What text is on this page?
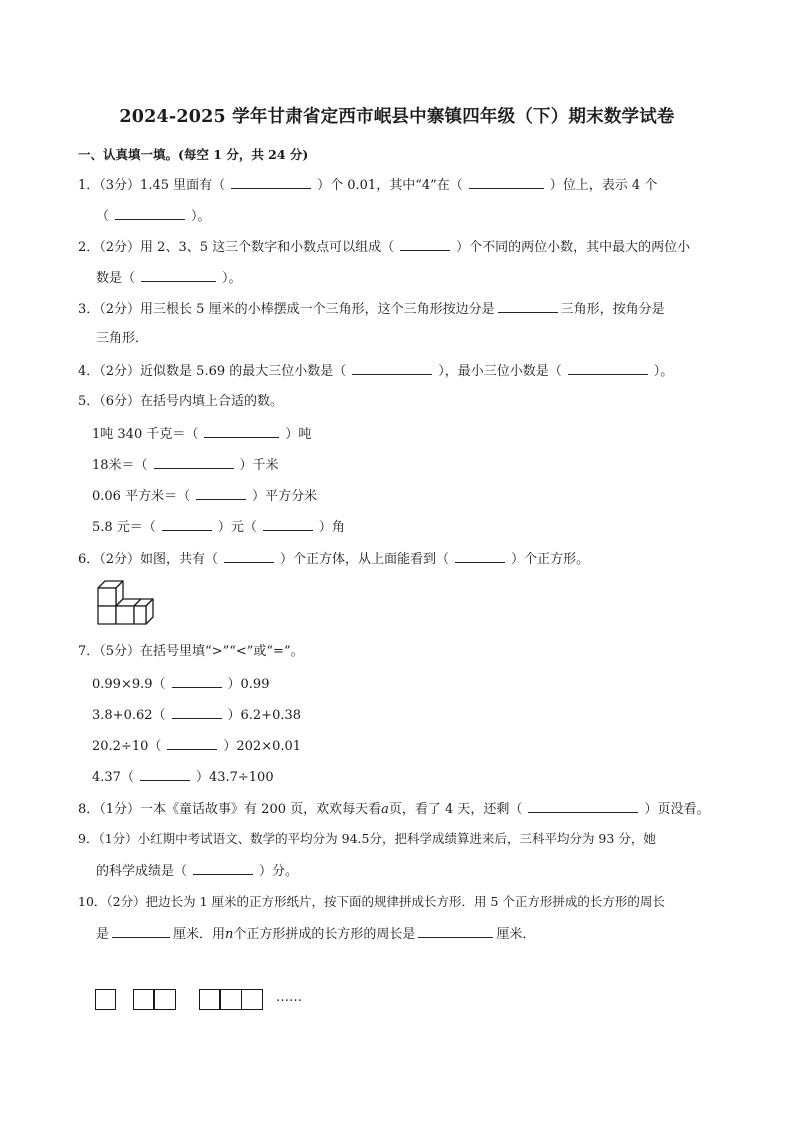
2024-2025 学年甘肃省定西市岷县中寨镇四年级（下）期末数学试卷
一、认真填一填。(每空 1 分，共 24 分)
1．（3分）1.45 里面有（	）个 0.01，其中“4”在（	）位上，表示 4 个
（	）。
2．（2分）用 2、3、5 这三个数字和小数点可以组成（	）个不同的两位小数，其中最大的两位小
数是（	）。
3．（2分）用三根长 5 厘米的小棒摆成一个三角形，这个三角形按边分是	三角形，按角分是
三角形．
4．（2分）近似数是 5.69 的最大三位小数是（	），最小三位小数是（	）。
5．（6分）在括号内填上合适的数。
1吨 340 千克＝（	）吨
18米＝（	）千米
0.06 平方米＝（	）平方分米
5.8 元＝（	）元（	）角
6．（2分）如图，共有（	）个正方体，从上面能看到（	）个正方形。
7．（5分）在括号里填“>”“<”或“=”。
0.99×9.9（	）0.99
3.8+0.62（	）6.2+0.38
20.2÷10（	）202×0.01
4.37（	）43.7÷100
8．（1分）一本《童话故事》有 200 页，欢欢每天看a页，看了 4 天，还剩（	）页没看。
9．（1分）小红期中考试语文、数学的平均分为 94.5分，把科学成绩算进来后，三科平均分为 93 分，她
的科学成绩是（	）分。
10．（2分）把边长为 1 厘米的正方形纸片，按下面的规律拼成长方形．用 5 个正方形拼成的长方形的周长
是	厘米．用n个正方形拼成的长方形的周长是	厘米．
……
